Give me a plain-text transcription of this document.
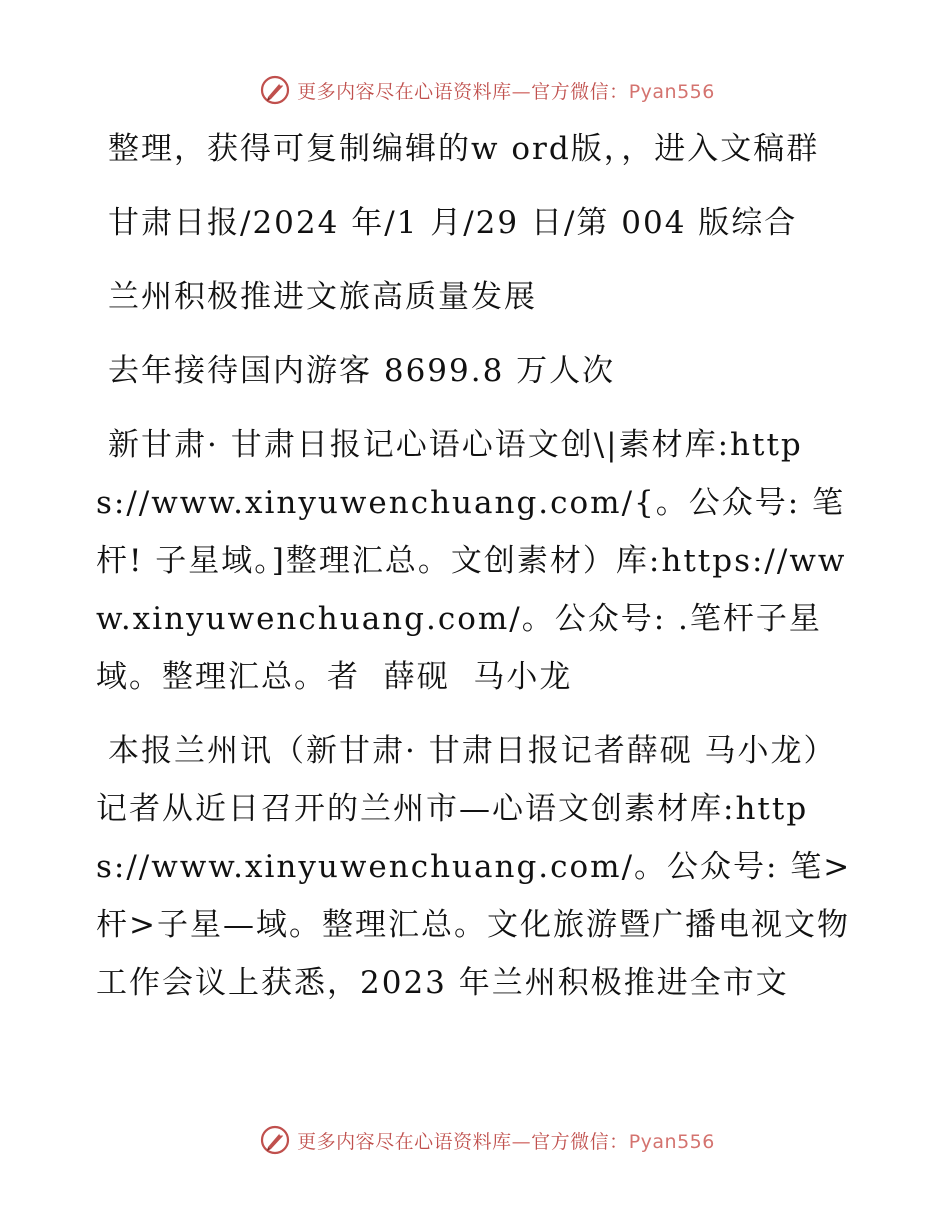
更多内容尽在心语资料库—官方微信：Pyan556

整理，获得可复制编辑的w ord版，，进入文稿群

甘肃日报/2024 年/1 月/29 日/第 004 版综合

兰州积极推进文旅高质量发展

去年接待国内游客 8699.8 万人次

新甘肃· 甘肃日报记心语心语文创\|素材库:https://www.xinyuwenchuang.com/{。公众号: 笔杆! 子星域。]整理汇总。文创素材）库:https://www.xinyuwenchuang.com/。公众号: .笔杆子星域。整理汇总。者  薛砚  马小龙

本报兰州讯（新甘肃· 甘肃日报记者薛砚 马小龙）记者从近日召开的兰州市—心语文创素材库:https://www.xinyuwenchuang.com/。公众号: 笔>杆>子星—域。整理汇总。文化旅游暨广播电视文物工作会议上获悉，2023 年兰州积极推进全市文

更多内容尽在心语资料库—官方微信：Pyan556
